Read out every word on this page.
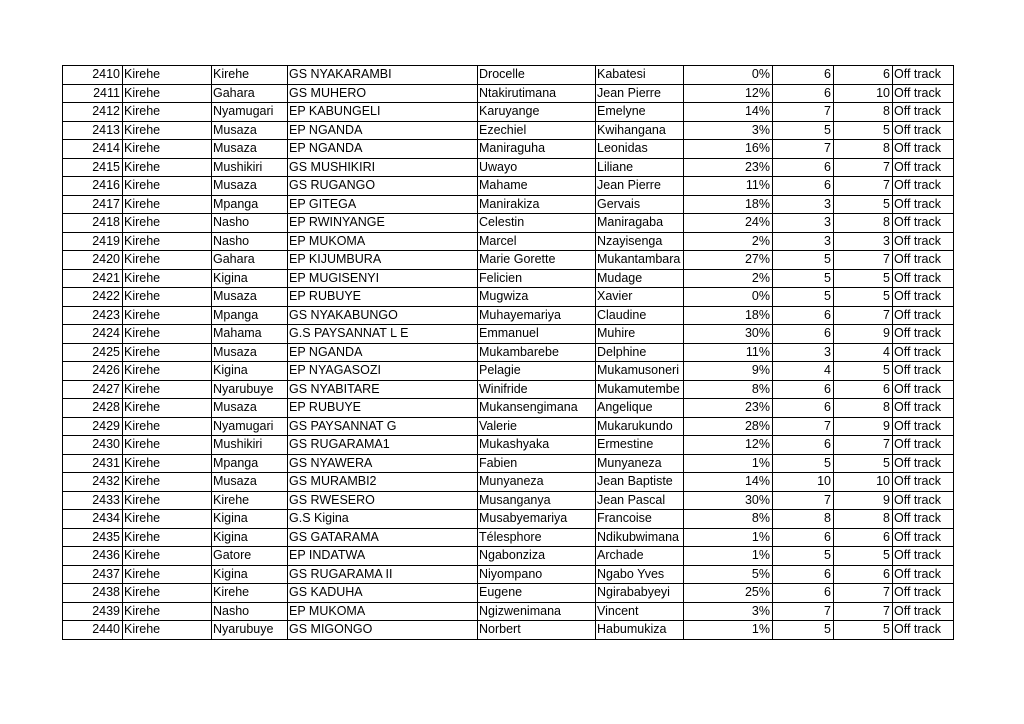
2410	Kirehe	Kirehe	GS NYAKARAMBI	Drocelle	Kabatesi	0%	6	6	Off track
2411	Kirehe	Gahara	GS MUHERO	Ntakirutimana	Jean Pierre	12%	6	10	Off track
2412	Kirehe	Nyamugari	EP KABUNGELI	Karuyange	Emelyne	14%	7	8	Off track
2413	Kirehe	Musaza	EP NGANDA	Ezechiel	Kwihangana	3%	5	5	Off track
2414	Kirehe	Musaza	EP NGANDA	Maniraguha	Leonidas	16%	7	8	Off track
2415	Kirehe	Mushikiri	GS MUSHIKIRI	Uwayo	Liliane	23%	6	7	Off track
2416	Kirehe	Musaza	GS RUGANGO	Mahame	Jean Pierre	11%	6	7	Off track
2417	Kirehe	Mpanga	EP GITEGA	Manirakiza	Gervais	18%	3	5	Off track
2418	Kirehe	Nasho	EP RWINYANGE	Celestin	Maniragaba	24%	3	8	Off track
2419	Kirehe	Nasho	EP MUKOMA	Marcel	Nzayisenga	2%	3	3	Off track
2420	Kirehe	Gahara	EP KIJUMBURA	Marie Gorette	Mukantambara	27%	5	7	Off track
2421	Kirehe	Kigina	EP MUGISENYI	Felicien	Mudage	2%	5	5	Off track
2422	Kirehe	Musaza	EP RUBUYE	Mugwiza	Xavier	0%	5	5	Off track
2423	Kirehe	Mpanga	GS NYAKABUNGO	Muhayemariya	Claudine	18%	6	7	Off track
2424	Kirehe	Mahama	G.S PAYSANNAT L E	Emmanuel	Muhire	30%	6	9	Off track
2425	Kirehe	Musaza	EP NGANDA	Mukambarebe	Delphine	11%	3	4	Off track
2426	Kirehe	Kigina	EP NYAGASOZI	Pelagie	Mukamusoneri	9%	4	5	Off track
2427	Kirehe	Nyarubuye	GS NYABITARE	Winifride	Mukamutembe	8%	6	6	Off track
2428	Kirehe	Musaza	EP RUBUYE	Mukansengimana	Angelique	23%	6	8	Off track
2429	Kirehe	Nyamugari	GS PAYSANNAT G	Valerie	Mukarukundo	28%	7	9	Off track
2430	Kirehe	Mushikiri	GS RUGARAMA1	Mukashyaka	Ermestine	12%	6	7	Off track
2431	Kirehe	Mpanga	GS NYAWERA	Fabien	Munyaneza	1%	5	5	Off track
2432	Kirehe	Musaza	GS MURAMBI2	Munyaneza	Jean Baptiste	14%	10	10	Off track
2433	Kirehe	Kirehe	GS RWESERO	Musanganya	Jean Pascal	30%	7	9	Off track
2434	Kirehe	Kigina	G.S Kigina	Musabyemariya	Francoise	8%	8	8	Off track
2435	Kirehe	Kigina	GS GATARAMA	Télesphore	Ndikubwimana	1%	6	6	Off track
2436	Kirehe	Gatore	EP INDATWA	Ngabonziza	Archade	1%	5	5	Off track
2437	Kirehe	Kigina	GS RUGARAMA II	Niyompano	Ngabo Yves	5%	6	6	Off track
2438	Kirehe	Kirehe	GS KADUHA	Eugene	Ngirababyeyi	25%	6	7	Off track
2439	Kirehe	Nasho	EP MUKOMA	Ngizwenimana	Vincent	3%	7	7	Off track
2440	Kirehe	Nyarubuye	GS MIGONGO	Norbert	Habumukiza	1%	5	5	Off track
